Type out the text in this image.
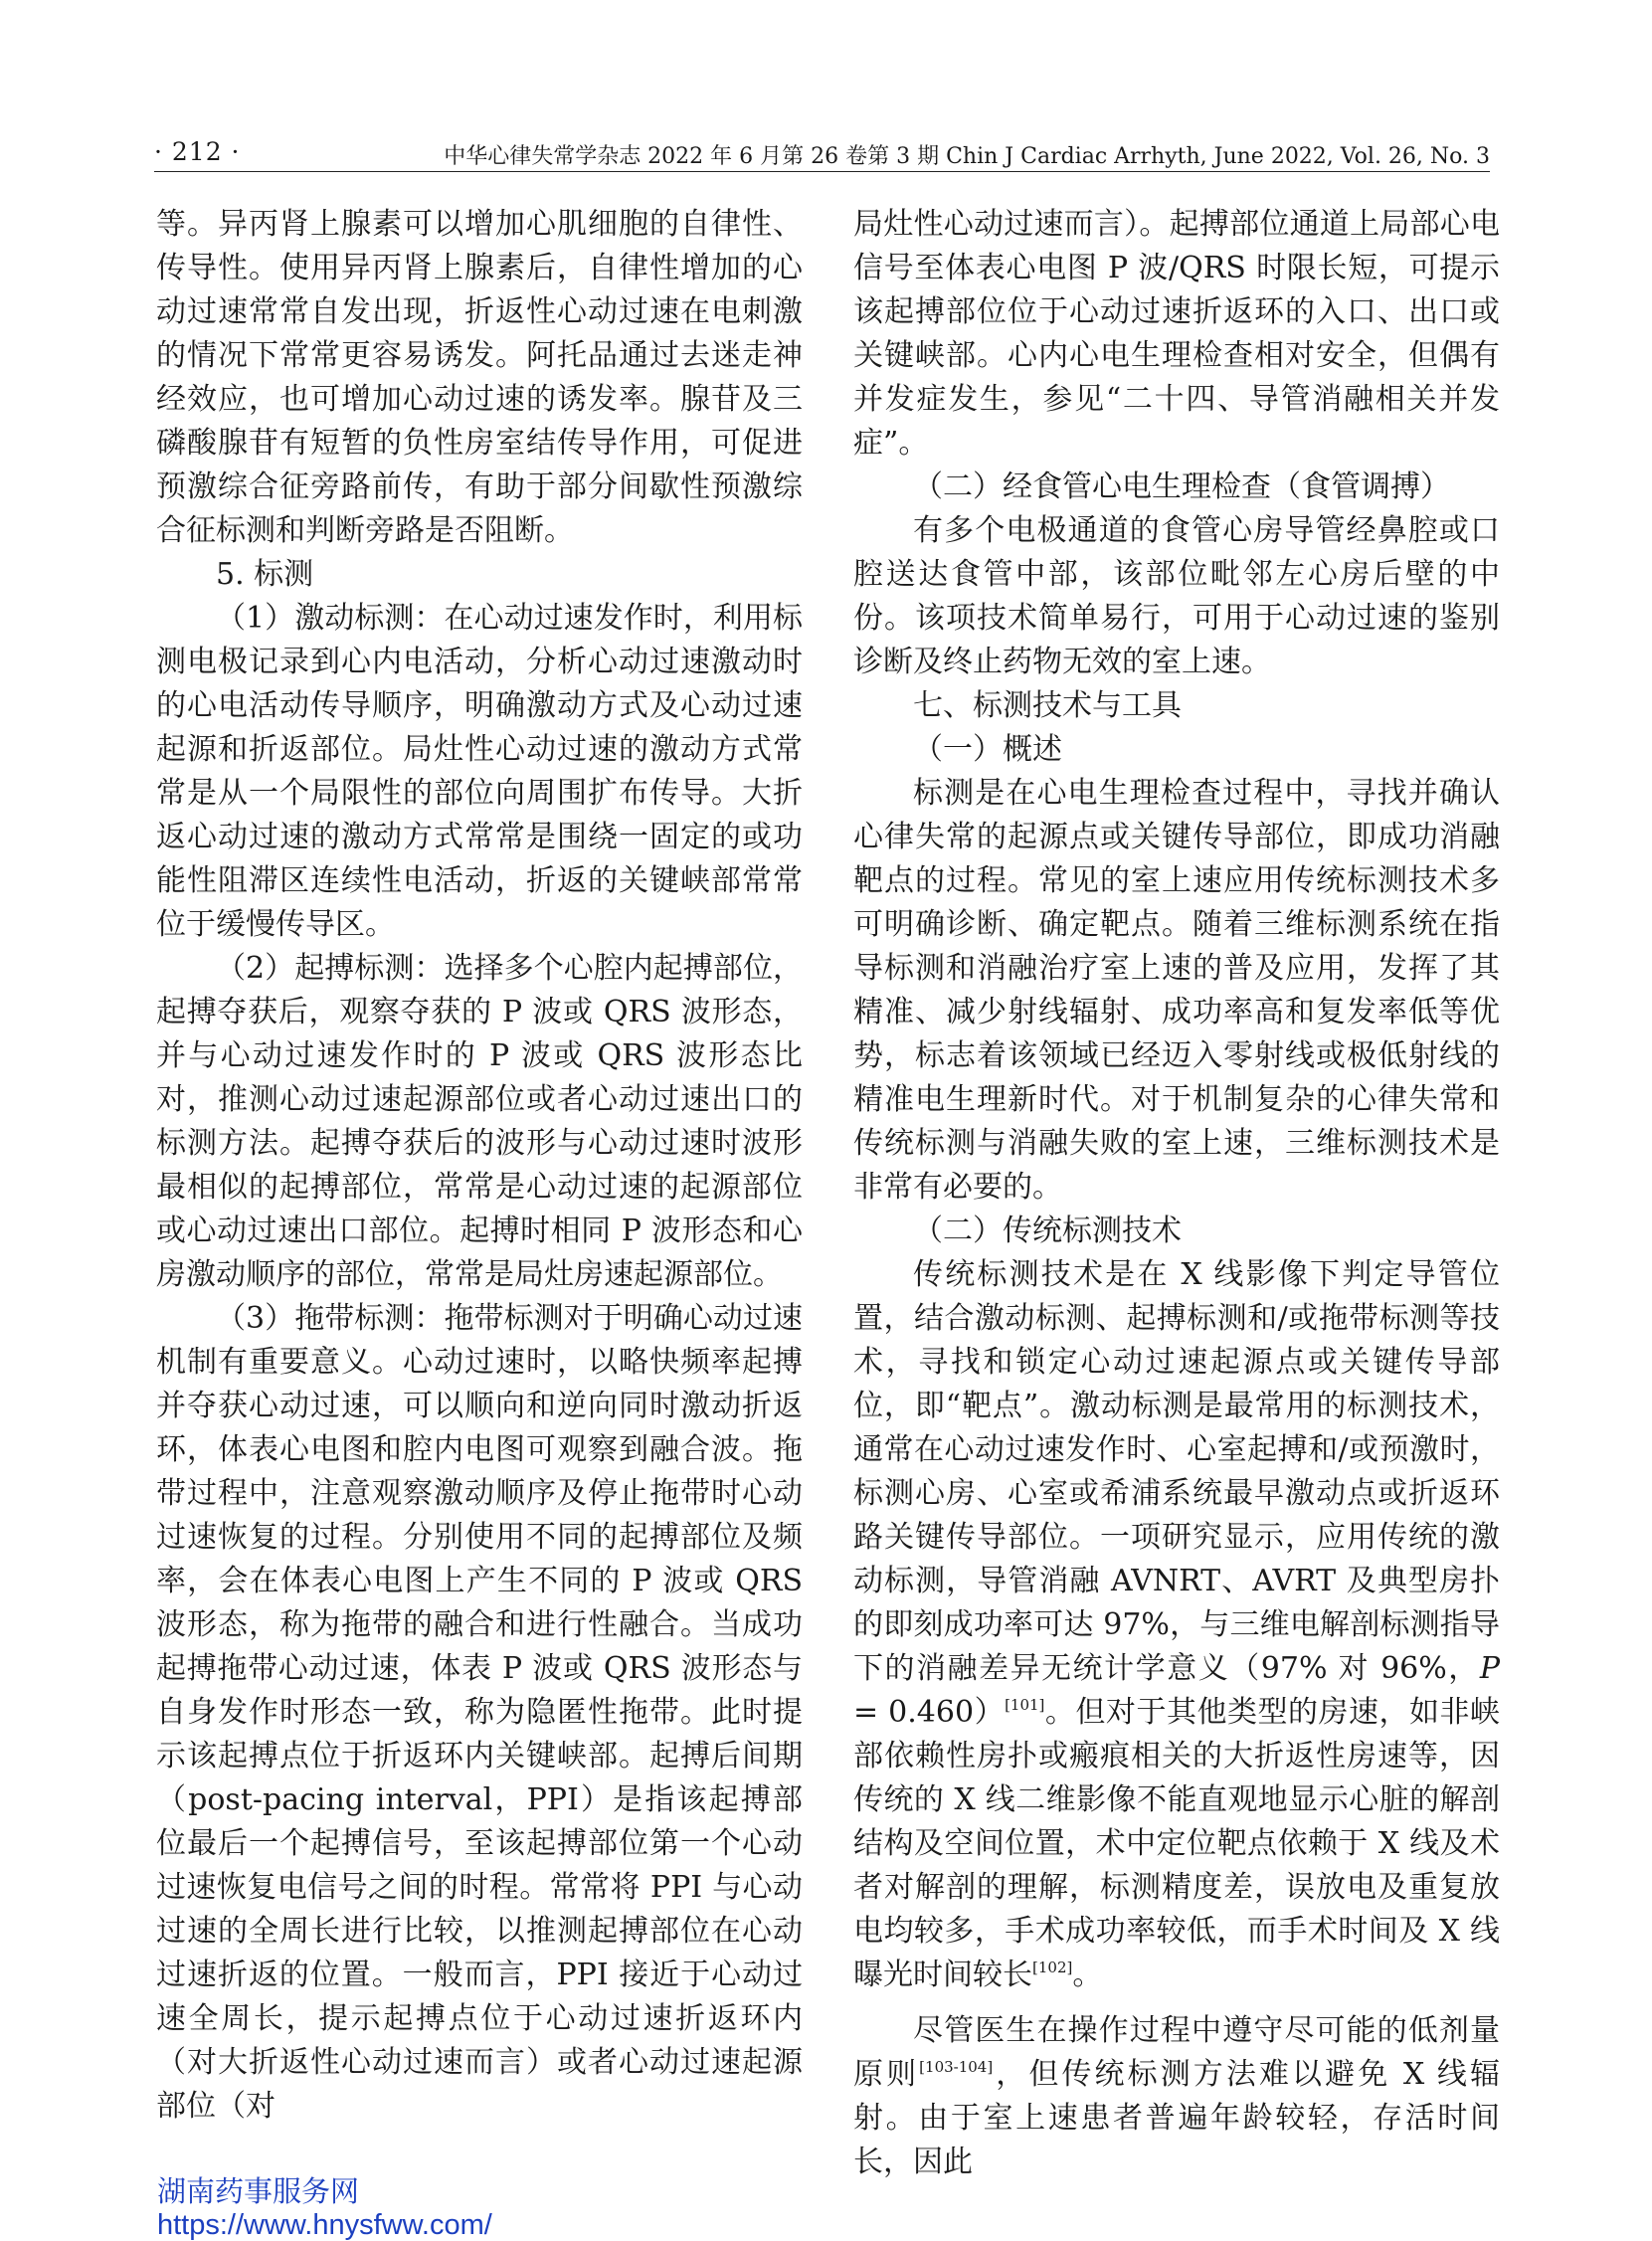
· 212 ·	中华心律失常学杂志 2022 年 6 月第 26 卷第 3 期 Chin J Cardiac Arrhyth, June 2022, Vol. 26, No. 3

等。异丙肾上腺素可以增加心肌细胞的自律性、传导性。使用异丙肾上腺素后，自律性增加的心动过速常常自发出现，折返性心动过速在电刺激的情况下常常更容易诱发。阿托品通过去迷走神经效应，也可增加心动过速的诱发率。腺苷及三磷酸腺苷有短暂的负性房室结传导作用，可促进预激综合征旁路前传，有助于部分间歇性预激综合征标测和判断旁路是否阻断。

5. 标测

（1）激动标测：在心动过速发作时，利用标测电极记录到心内电活动，分析心动过速激动时的心电活动传导顺序，明确激动方式及心动过速起源和折返部位。局灶性心动过速的激动方式常常是从一个局限性的部位向周围扩布传导。大折返心动过速的激动方式常常是围绕一固定的或功能性阻滞区连续性电活动，折返的关键峡部常常位于缓慢传导区。

（2）起搏标测：选择多个心腔内起搏部位，起搏夺获后，观察夺获的 P 波或 QRS 波形态，并与心动过速发作时的 P 波或 QRS 波形态比对，推测心动过速起源部位或者心动过速出口的标测方法。起搏夺获后的波形与心动过速时波形最相似的起搏部位，常常是心动过速的起源部位或心动过速出口部位。起搏时相同 P 波形态和心房激动顺序的部位，常常是局灶房速起源部位。

（3）拖带标测：拖带标测对于明确心动过速机制有重要意义。心动过速时，以略快频率起搏并夺获心动过速，可以顺向和逆向同时激动折返环，体表心电图和腔内电图可观察到融合波。拖带过程中，注意观察激动顺序及停止拖带时心动过速恢复的过程。分别使用不同的起搏部位及频率，会在体表心电图上产生不同的 P 波或 QRS 波形态，称为拖带的融合和进行性融合。当成功起搏拖带心动过速，体表 P 波或 QRS 波形态与自身发作时形态一致，称为隐匿性拖带。此时提示该起搏点位于折返环内关键峡部。起搏后间期（post-pacing interval，PPI）是指该起搏部位最后一个起搏信号，至该起搏部位第一个心动过速恢复电信号之间的时程。常常将 PPI 与心动过速的全周长进行比较，以推测起搏部位在心动过速折返的位置。一般而言，PPI 接近于心动过速全周长，提示起搏点位于心动过速折返环内（对大折返性心动过速而言）或者心动过速起源部位（对

局灶性心动过速而言）。起搏部位通道上局部心电信号至体表心电图 P 波/QRS 时限长短，可提示该起搏部位位于心动过速折返环的入口、出口或关键峡部。心内心电生理检查相对安全，但偶有并发症发生，参见“二十四、导管消融相关并发症”。

（二）经食管心电生理检查（食管调搏）

有多个电极通道的食管心房导管经鼻腔或口腔送达食管中部，该部位毗邻左心房后壁的中份。该项技术简单易行，可用于心动过速的鉴别诊断及终止药物无效的室上速。

七、标测技术与工具

（一）概述

标测是在心电生理检查过程中，寻找并确认心律失常的起源点或关键传导部位，即成功消融靶点的过程。常见的室上速应用传统标测技术多可明确诊断、确定靶点。随着三维标测系统在指导标测和消融治疗室上速的普及应用，发挥了其精准、减少射线辐射、成功率高和复发率低等优势，标志着该领域已经迈入零射线或极低射线的精准电生理新时代。对于机制复杂的心律失常和传统标测与消融失败的室上速，三维标测技术是非常有必要的。

（二）传统标测技术

传统标测技术是在 X 线影像下判定导管位置，结合激动标测、起搏标测和/或拖带标测等技术，寻找和锁定心动过速起源点或关键传导部位，即“靶点”。激动标测是最常用的标测技术，通常在心动过速发作时、心室起搏和/或预激时，标测心房、心室或希浦系统最早激动点或折返环路关键传导部位。一项研究显示，应用传统的激动标测，导管消融 AVNRT、AVRT 及典型房扑的即刻成功率可达 97%，与三维电解剖标测指导下的消融差异无统计学意义（97% 对 96%，P = 0.460）[101]。但对于其他类型的房速，如非峡部依赖性房扑或瘢痕相关的大折返性房速等，因传统的 X 线二维影像不能直观地显示心脏的解剖结构及空间位置，术中定位靶点依赖于 X 线及术者对解剖的理解，标测精度差，误放电及重复放电均较多，手术成功率较低，而手术时间及 X 线曝光时间较长[102]。

尽管医生在操作过程中遵守尽可能的低剂量原则[103-104]，但传统标测方法难以避免 X 线辐射。由于室上速患者普遍年龄较轻，存活时间长，因此

湖南药事服务网
https://www.hnysfww.com/
